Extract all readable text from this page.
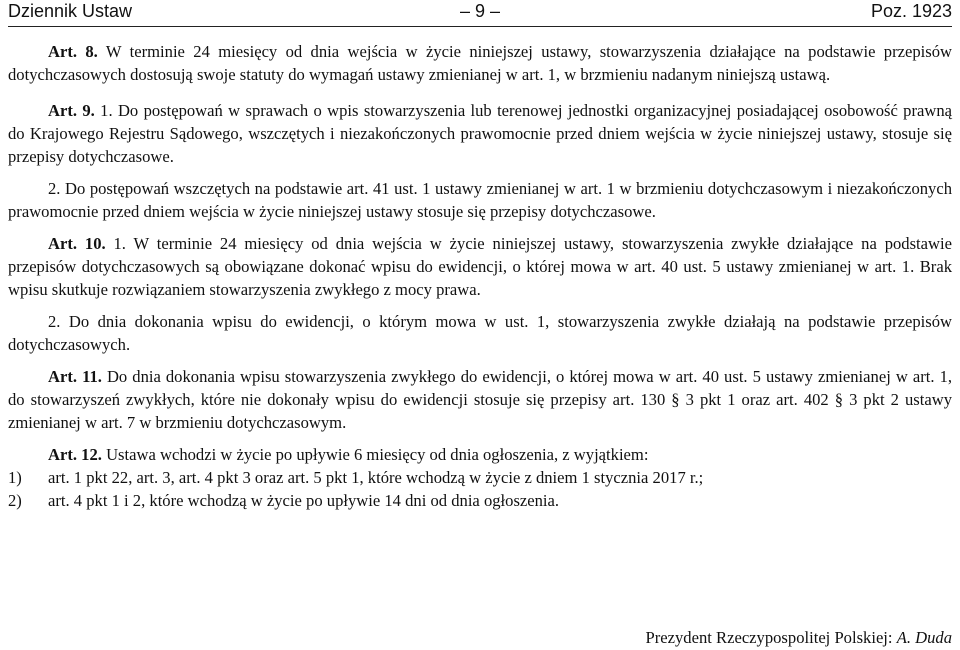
Dziennik Ustaw	– 9 –	Poz. 1923

Art. 8. W terminie 24 miesięcy od dnia wejścia w życie niniejszej ustawy, stowarzyszenia działające na podstawie przepisów dotychczasowych dostosują swoje statuty do wymagań ustawy zmienianej w art. 1, w brzmieniu nadanym niniejszą ustawą.

Art. 9. 1. Do postępowań w sprawach o wpis stowarzyszenia lub terenowej jednostki organizacyjnej posiadającej osobowość prawną do Krajowego Rejestru Sądowego, wszczętych i niezakończonych prawomocnie przed dniem wejścia w życie niniejszej ustawy, stosuje się przepisy dotychczasowe.

2. Do postępowań wszczętych na podstawie art. 41 ust. 1 ustawy zmienianej w art. 1 w brzmieniu dotychczasowym i niezakończonych prawomocnie przed dniem wejścia w życie niniejszej ustawy stosuje się przepisy dotychczasowe.

Art. 10. 1. W terminie 24 miesięcy od dnia wejścia w życie niniejszej ustawy, stowarzyszenia zwykłe działające na podstawie przepisów dotychczasowych są obowiązane dokonać wpisu do ewidencji, o której mowa w art. 40 ust. 5 ustawy zmienianej w art. 1. Brak wpisu skutkuje rozwiązaniem stowarzyszenia zwykłego z mocy prawa.

2. Do dnia dokonania wpisu do ewidencji, o którym mowa w ust. 1, stowarzyszenia zwykłe działają na podstawie przepisów dotychczasowych.

Art. 11. Do dnia dokonania wpisu stowarzyszenia zwykłego do ewidencji, o której mowa w art. 40 ust. 5 ustawy zmienianej w art. 1, do stowarzyszeń zwykłych, które nie dokonały wpisu do ewidencji stosuje się przepisy art. 130 § 3 pkt 1 oraz art. 402 § 3 pkt 2 ustawy zmienianej w art. 7 w brzmieniu dotychczasowym.

Art. 12. Ustawa wchodzi w życie po upływie 6 miesięcy od dnia ogłoszenia, z wyjątkiem:

1)	art. 1 pkt 22, art. 3, art. 4 pkt 3 oraz art. 5 pkt 1, które wchodzą w życie z dniem 1 stycznia 2017 r.;
2)	art. 4 pkt 1 i 2, które wchodzą w życie po upływie 14 dni od dnia ogłoszenia.
Prezydent Rzeczypospolitej Polskiej: A. Duda
